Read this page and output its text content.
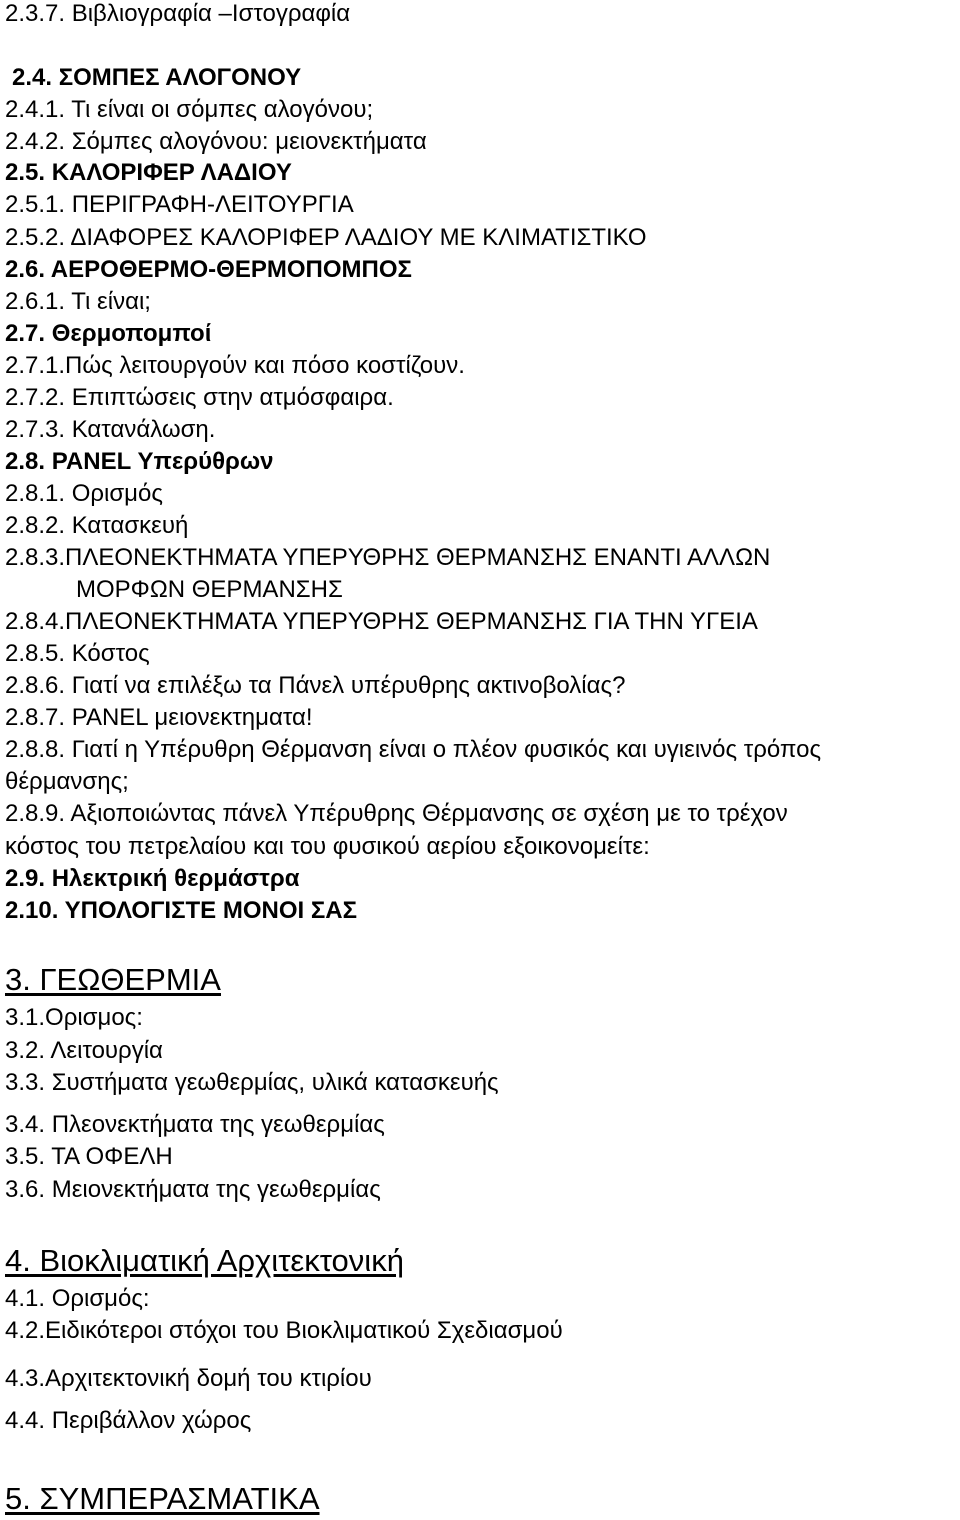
2.3.7. Βιβλιογραφία –Ιστογραφία

2.4. ΣΟΜΠΕΣ ΑΛΟΓΟΝΟΥ

2.4.1. Τι είναι οι σόμπες αλογόνου;

2.4.2. Σόμπες αλογόνου: μειονεκτήματα

2.5. ΚΑΛΟΡΙΦΕΡ ΛΑΔΙΟΥ

2.5.1. ΠΕΡΙΓΡΑΦΗ-ΛΕΙΤΟΥΡΓΙΑ

2.5.2. ΔΙΑΦΟΡΕΣ ΚΑΛΟΡΙΦΕΡ ΛΑΔΙΟΥ ΜΕ ΚΛΙΜΑΤΙΣΤΙΚΟ

2.6. ΑΕΡΟΘΕΡΜΟ-ΘΕΡΜΟΠΟΜΠΟΣ

2.6.1. Τι είναι;

2.7. Θερμοπομποί

2.7.1.Πώς λειτουργούν και πόσο κοστίζουν.

2.7.2. Επιπτώσεις στην ατμόσφαιρα.

2.7.3. Κατανάλωση.

2.8. PANEL Υπερύθρων

2.8.1. Ορισμός

2.8.2. Κατασκευή

2.8.3.ΠΛΕΟΝΕΚΤΗΜΑΤΑ ΥΠΕΡΥΘΡΗΣ ΘΕΡΜΑΝΣΗΣ ΕΝΑΝΤΙ ΑΛΛΩΝ

ΜΟΡΦΩΝ ΘΕΡΜΑΝΣΗΣ

2.8.4.ΠΛΕΟΝΕΚΤΗΜΑΤΑ ΥΠΕΡΥΘΡΗΣ ΘΕΡΜΑΝΣΗΣ ΓΙΑ ΤΗΝ ΥΓΕΙΑ

2.8.5. Κόστος

2.8.6. Γιατί να επιλέξω τα Πάνελ υπέρυθρης ακτινοβολίας?

2.8.7. PANEL μειονεκτηματα!

2.8.8. Γιατί η Υπέρυθρη Θέρμανση είναι ο πλέον φυσικός και υγιεινός τρόπος

θέρμανσης;

2.8.9. Αξιοποιώντας πάνελ Υπέρυθρης Θέρμανσης σε σχέση με το τρέχον

κόστος του πετρελαίου και του φυσικού αερίου εξοικονομείτε:

2.9. Ηλεκτρική θερμάστρα

2.10. ΥΠΟΛΟΓΙΣΤΕ ΜΟΝΟΙ ΣΑΣ

3. ΓΕΩΘΕΡΜΙΑ

3.1.Ορισμος:

3.2. Λειτουργία

3.3. Συστήματα γεωθερμίας, υλικά κατασκευής

3.4. Πλεονεκτήματα της γεωθερμίας

3.5. ΤΑ ΟΦΕΛΗ

3.6. Μειονεκτήματα της γεωθερμίας

4. Βιοκλιματική Αρχιτεκτονική

4.1. Ορισμός:

4.2.Ειδικότεροι στόχοι του Βιοκλιματικού Σχεδιασμού

4.3.Αρχιτεκτονική δομή του κτιρίου

4.4. Περιβάλλον χώρος

5. ΣΥΜΠΕΡΑΣΜΑΤΙΚΑ
